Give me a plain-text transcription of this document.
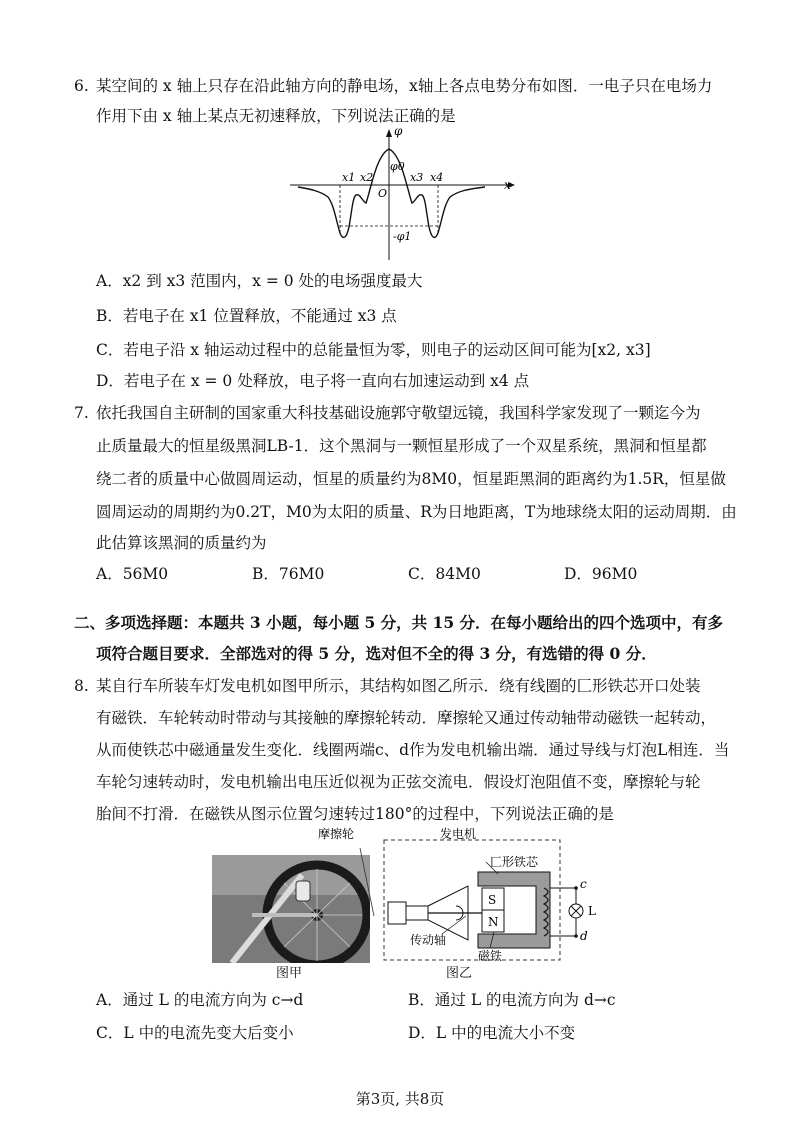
6. 某空间的 x 轴上只存在沿此轴方向的静电场，x轴上各点电势分布如图．一电子只在电场力
作用下由 x 轴上某点无初速释放，下列说法正确的是
φ
x
O
φ0
-φ1
x1 x2	x3 x4
A．x2 到 x3 范围内，x = 0 处的电场强度最大
B．若电子在 x1 位置释放，不能通过 x3 点
C．若电子沿 x 轴运动过程中的总能量恒为零，则电子的运动区间可能为[x2, x3]
D．若电子在 x = 0 处释放，电子将一直向右加速运动到 x4 点
7. 依托我国自主研制的国家重大科技基础设施郭守敬望远镜，我国科学家发现了一颗迄今为
止质量最大的恒星级黑洞LB-1．这个黑洞与一颗恒星形成了一个双星系统，黑洞和恒星都
绕二者的质量中心做圆周运动，恒星的质量约为8M0，恒星距黑洞的距离约为1.5R，恒星做
圆周运动的周期约为0.2T，M0为太阳的质量、R为日地距离，T为地球绕太阳的运动周期．由
此估算该黑洞的质量约为
A．56M0	B．76M0	C．84M0	D．96M0
二、多项选择题：本题共 3 小题，每小题 5 分，共 15 分．在每小题给出的四个选项中，有多
项符合题目要求．全部选对的得 5 分，选对但不全的得 3 分，有选错的得 0 分．
8. 某自行车所装车灯发电机如图甲所示，其结构如图乙所示．绕有线圈的匚形铁芯开口处装
有磁铁．车轮转动时带动与其接触的摩擦轮转动．摩擦轮又通过传动轴带动磁铁一起转动，
从而使铁芯中磁通量发生变化．线圈两端c、d作为发电机输出端．通过导线与灯泡L相连．当
车轮匀速转动时，发电机输出电压近似视为正弦交流电．假设灯泡阻值不变，摩擦轮与轮
胎间不打滑．在磁铁从图示位置匀速转过180°的过程中，下列说法正确的是
图甲
S
N
c
d
L
摩擦轮	发电机
匚形铁芯
传动轴
磁铁
图乙
A．通过 L 的电流方向为 c→d	B．通过 L 的电流方向为 d→c
C．L 中的电流先变大后变小	D．L 中的电流大小不变
第3页, 共8页
